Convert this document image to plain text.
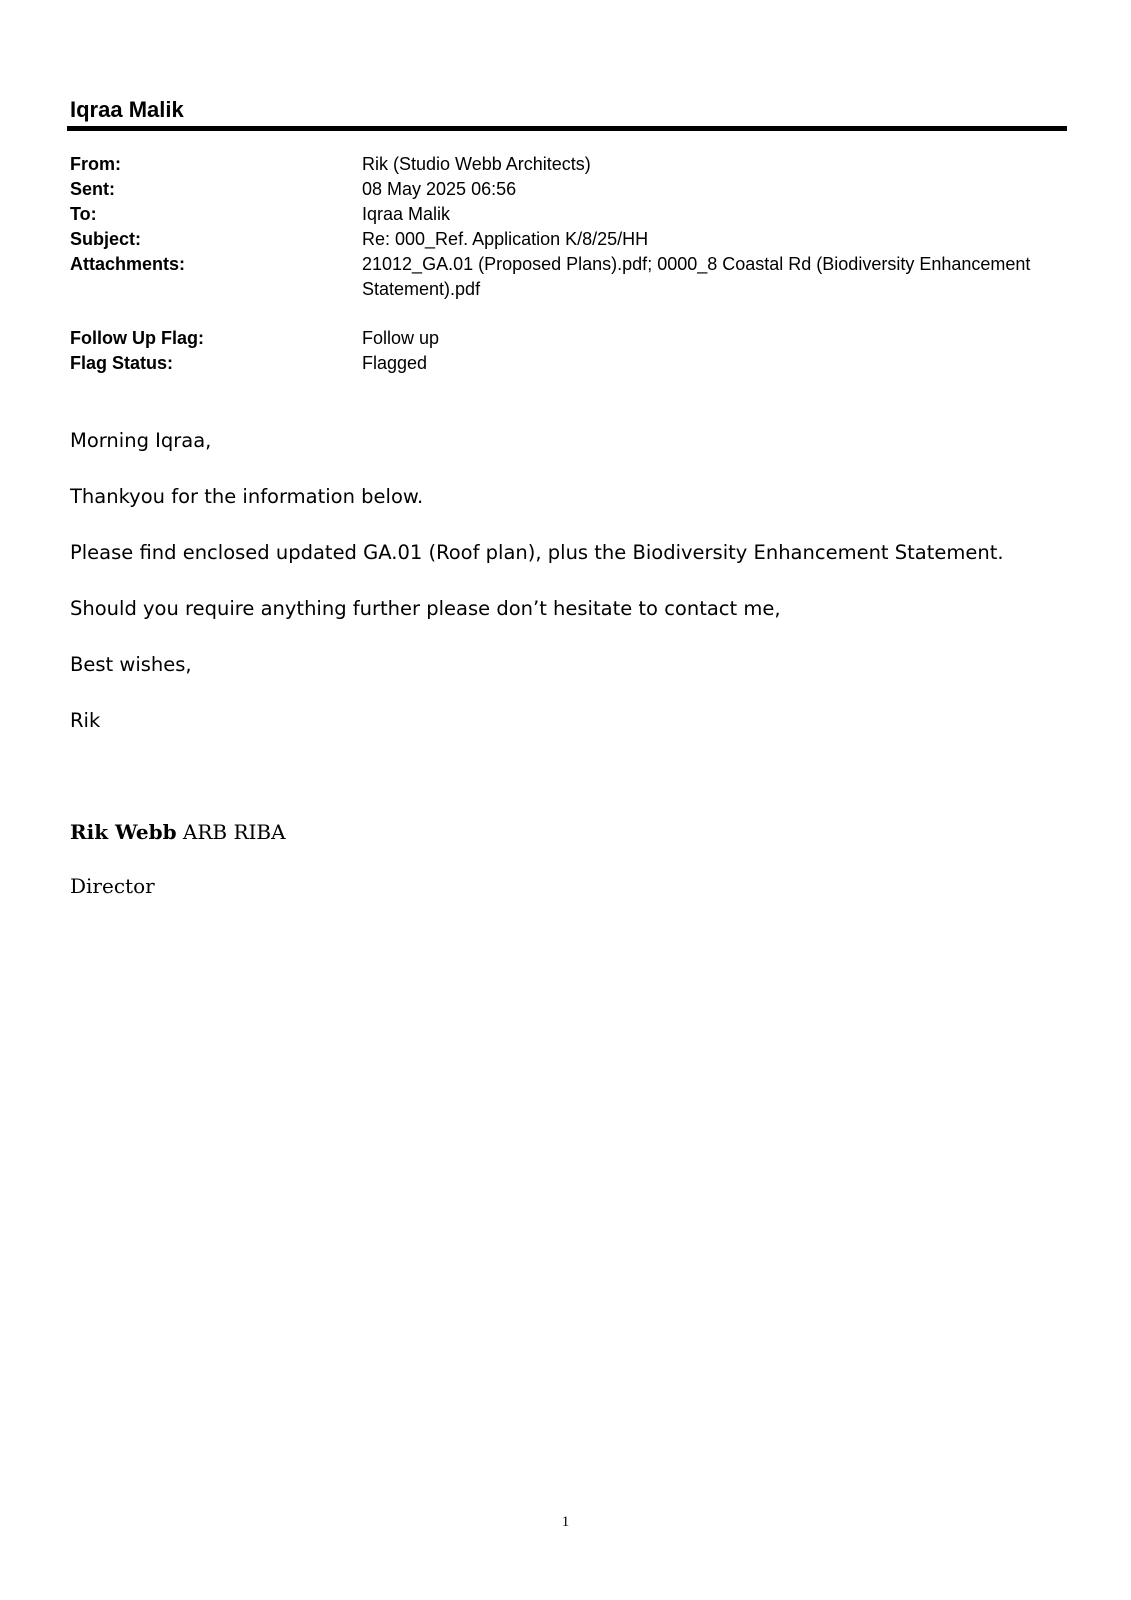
Iqraa Malik
From:	Rik (Studio Webb Architects)
Sent:	08 May 2025 06:56
To:	Iqraa Malik
Subject:	Re: 000_Ref. Application K/8/25/HH
Attachments:	21012_GA.01 (Proposed Plans).pdf; 0000_8 Coastal Rd (Biodiversity Enhancement
Statement).pdf
Follow Up Flag:	Follow up
Flag Status:	Flagged

Morning Iqraa,

Thankyou for the information below.

Please find enclosed updated GA.01 (Roof plan), plus the Biodiversity Enhancement Statement.

Should you require anything further please don’t hesitate to contact me,

Best wishes,

Rik

Rik Webb ARB RIBA
Director
1
